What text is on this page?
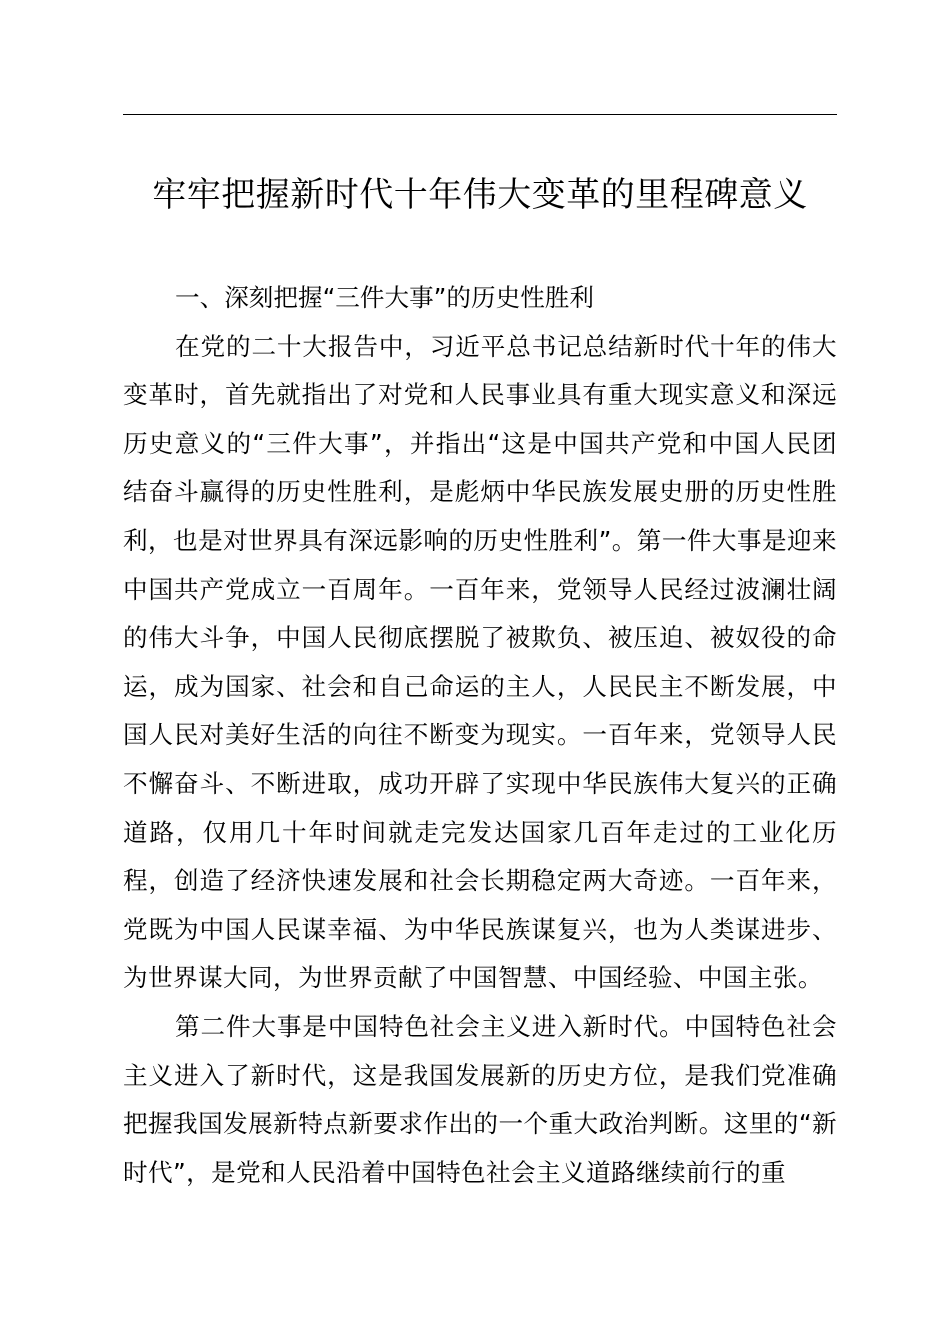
牢牢把握新时代十年伟大变革的里程碑意义
一、深刻把握“三件大事”的历史性胜利

在党的二十大报告中，习近平总书记总结新时代十年的伟大变革时，首先就指出了对党和人民事业具有重大现实意义和深远历史意义的“三件大事”，并指出“这是中国共产党和中国人民团结奋斗赢得的历史性胜利，是彪炳中华民族发展史册的历史性胜利，也是对世界具有深远影响的历史性胜利”。第一件大事是迎来中国共产党成立一百周年。一百年来，党领导人民经过波澜壮阔的伟大斗争，中国人民彻底摆脱了被欺负、被压迫、被奴役的命运，成为国家、社会和自己命运的主人，人民民主不断发展，中国人民对美好生活的向往不断变为现实。一百年来，党领导人民不懈奋斗、不断进取，成功开辟了实现中华民族伟大复兴的正确道路，仅用几十年时间就走完发达国家几百年走过的工业化历程，创造了经济快速发展和社会长期稳定两大奇迹。一百年来，党既为中国人民谋幸福、为中华民族谋复兴，也为人类谋进步、为世界谋大同，为世界贡献了中国智慧、中国经验、中国主张。

第二件大事是中国特色社会主义进入新时代。中国特色社会主义进入了新时代，这是我国发展新的历史方位，是我们党准确把握我国发展新特点新要求作出的一个重大政治判断。这里的“新时代”，是党和人民沿着中国特色社会主义道路继续前行的重
